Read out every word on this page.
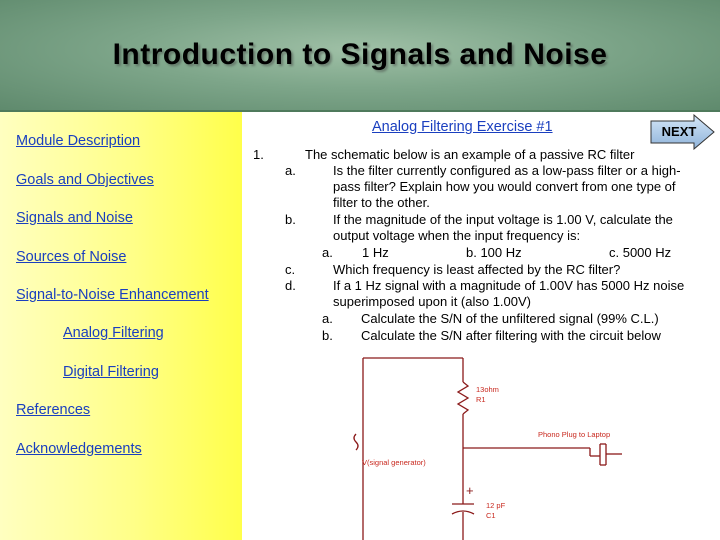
Introduction to Signals and Noise
Module Description
Goals and Objectives
Signals and Noise
Sources of Noise
Signal-to-Noise Enhancement
Analog Filtering
Digital Filtering
References
Acknowledgements
Analog Filtering Exercise #1	NEXT
1.	The schematic below is an example of a passive RC filter
a.	Is the filter currently configured as a low-pass filter or a high-
pass filter? Explain how you would convert from one type of
filter to the other.
b.	If the magnitude of the input voltage is 1.00 V, calculate the
output voltage when the input frequency is:
a. 1 Hz	b. 100 Hz	c. 5000 Hz
c.	Which frequency is least affected by the RC filter?
d.	If a 1 Hz signal with a magnitude of 1.00V has 5000 Hz noise
superimposed upon it (also 1.00V)
a. Calculate the S/N of the unfiltered signal (99% C.L.)
b. Calculate the S/N after filtering with the circuit below
13ohm
R1
Phono Plug to Laptop
V(signal generator)
+
12 pF
C1
